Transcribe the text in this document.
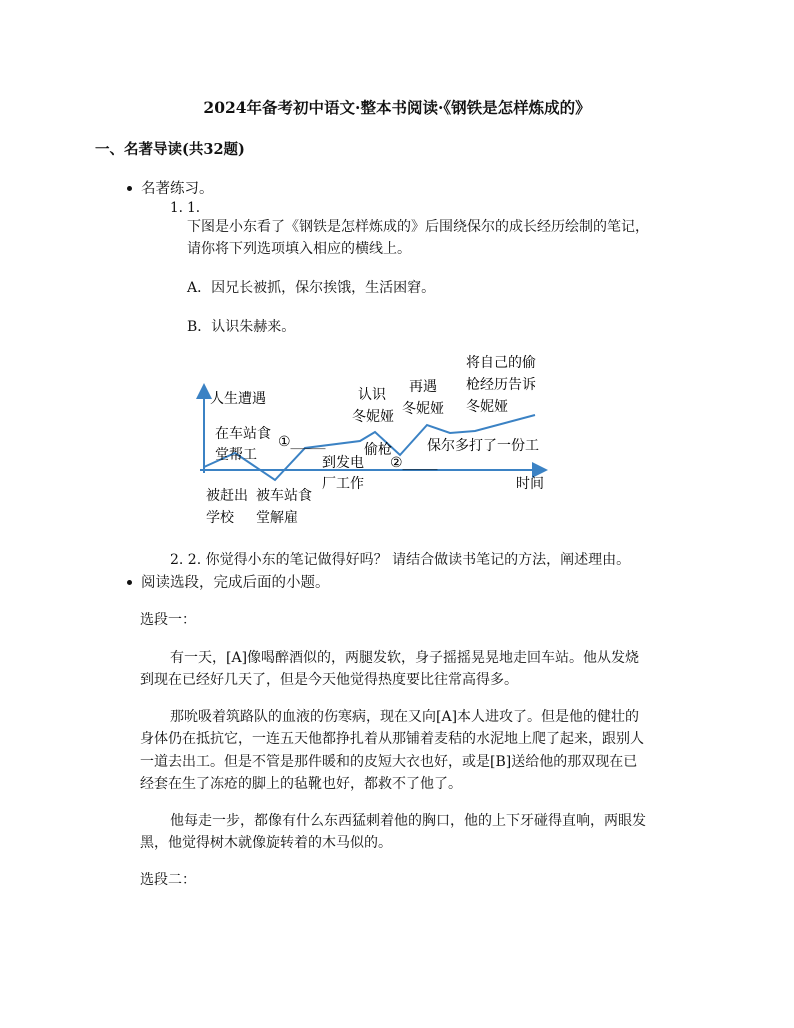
2024年备考初中语文·整本书阅读·《钢铁是怎样炼成的》
一、名著导读(共32题)
名著练习。
1. 1.
下图是小东看了《钢铁是怎样炼成的》后围绕保尔的成长经历绘制的笔记，
请你将下列选项填入相应的横线上。
A．因兄长被抓，保尔挨饿，生活困窘。
B．认识朱赫来。
人生遭遇
时间
被赶出
学校
在车站食
堂帮工
被车站食
堂解雇
①_____
到发电
厂工作
认识
冬妮娅
偷枪
②_____
再遇
冬妮娅
保尔多打了一份工
将自己的偷
枪经历告诉
冬妮娅
2. 2. 你觉得小东的笔记做得好吗？ 请结合做读书笔记的方法，阐述理由。
阅读选段，完成后面的小题。
选段一：
有一天，[A]像喝醉酒似的，两腿发软，身子摇摇晃晃地走回车站。他从发烧
到现在已经好几天了，但是今天他觉得热度要比往常高得多。
那吮吸着筑路队的血液的伤寒病，现在又向[A]本人进攻了。但是他的健壮的
身体仍在抵抗它，一连五天他都挣扎着从那铺着麦秸的水泥地上爬了起来，跟别人
一道去出工。但是不管是那件暖和的皮短大衣也好，或是[B]送给他的那双现在已
经套在生了冻疮的脚上的毡靴也好，都救不了他了。
他每走一步，都像有什么东西猛刺着他的胸口，他的上下牙碰得直响，两眼发
黑，他觉得树木就像旋转着的木马似的。
选段二：
